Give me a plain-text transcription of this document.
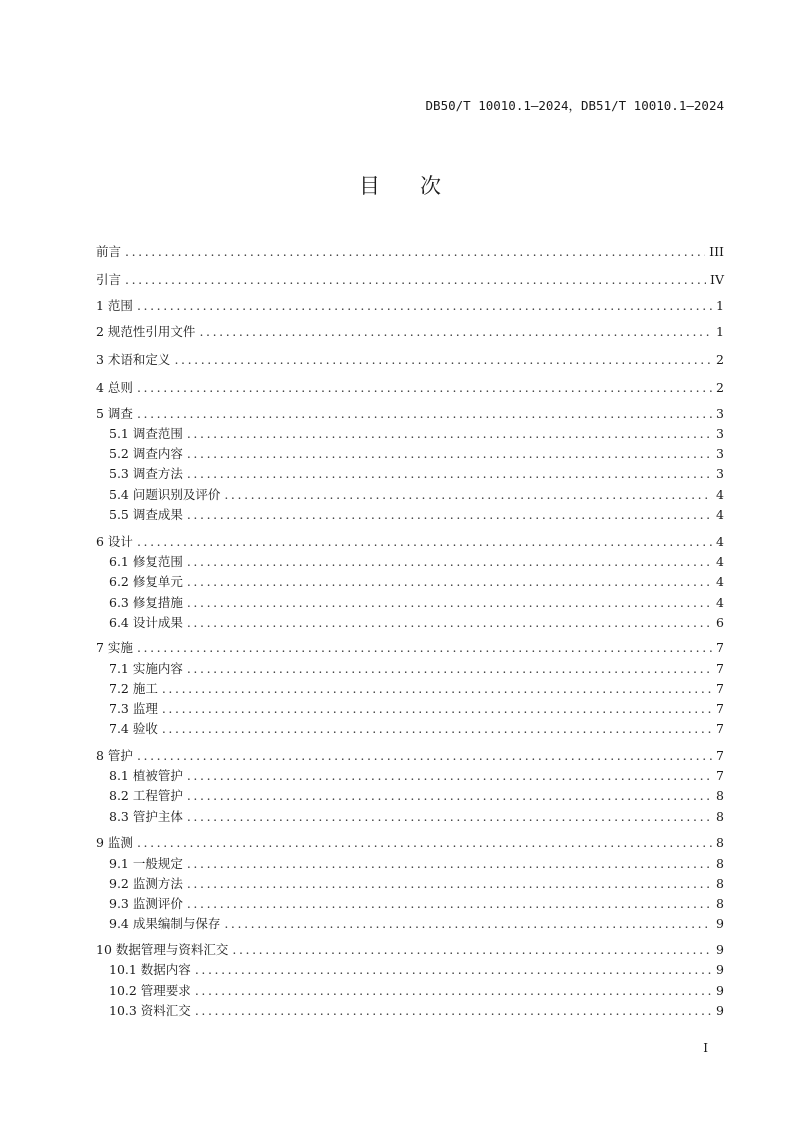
DB50/T 10010.1—2024，DB51/T 10010.1—2024
目 次
前言 .....	III
引言 .....	IV
1 范围 .....	1
2 规范性引用文件 .....	1
3 术语和定义 .....	2
4 总则 .....	2
5 调查 .....	3
5.1 调查范围 .....	3
5.2 调查内容 .....	3
5.3 调查方法 .....	3
5.4 问题识别及评价 .....	4
5.5 调查成果 .....	4
6 设计 .....	4
6.1 修复范围 .....	4
6.2 修复单元 .....	4
6.3 修复措施 .....	4
6.4 设计成果 .....	6
7 实施 .....	7
7.1 实施内容 .....	7
7.2 施工 .....	7
7.3 监理 .....	7
7.4 验收 .....	7
8 管护 .....	7
8.1 植被管护 .....	7
8.2 工程管护 .....	8
8.3 管护主体 .....	8
9 监测 .....	8
9.1 一般规定 .....	8
9.2 监测方法 .....	8
9.3 监测评价 .....	8
9.4 成果编制与保存 .....	9
10 数据管理与资料汇交 .....	9
10.1 数据内容 .....	9
10.2 管理要求 .....	9
10.3 资料汇交 .....	9
I
